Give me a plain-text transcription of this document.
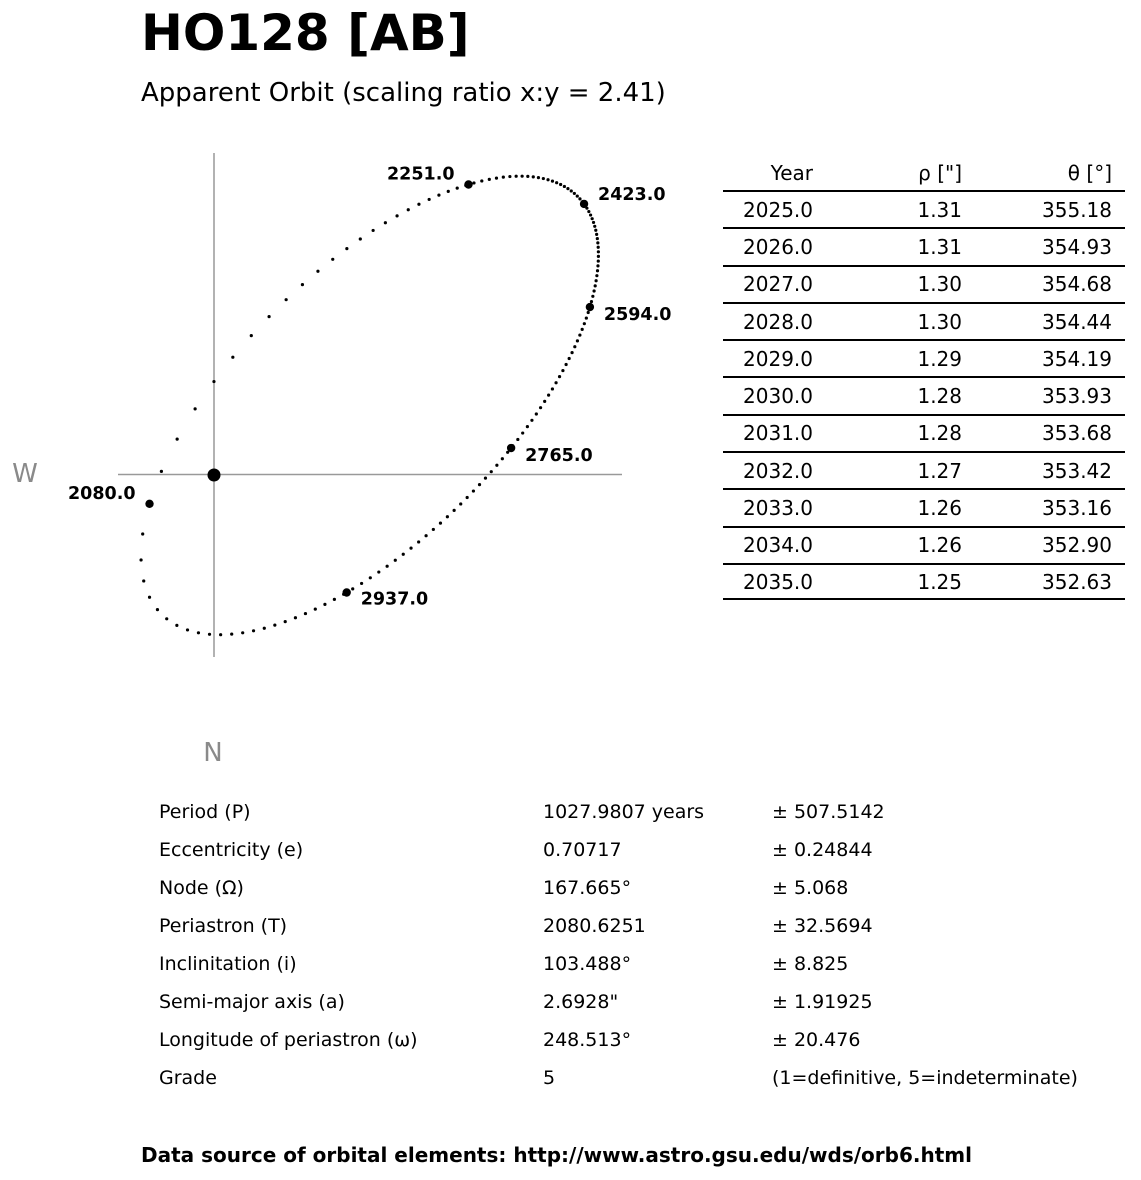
HO128 [AB]
Apparent Orbit (scaling ratio x:y = 2.41)
2080.0
2251.0
2423.0
2594.0
2765.0
2937.0
W
N
Year	ρ ["]	θ [°]
2025.0	1.31	355.18
2026.0	1.31	354.93
2027.0	1.30	354.68
2028.0	1.30	354.44
2029.0	1.29	354.19
2030.0	1.28	353.93
2031.0	1.28	353.68
2032.0	1.27	353.42
2033.0	1.26	353.16
2034.0	1.26	352.90
2035.0	1.25	352.63
Period (P)	1027.9807 years	± 507.5142
Eccentricity (e)	0.70717	± 0.24844
Node (Ω)	167.665°	± 5.068
Periastron (T)	2080.6251	± 32.5694
Inclinitation (i)	103.488°	± 8.825
Semi-major axis (a)	2.6928"	± 1.91925
Longitude of periastron (ω)	248.513°	± 20.476
Grade	5	(1=definitive, 5=indeterminate)
Data source of orbital elements: http://www.astro.gsu.edu/wds/orb6.html
